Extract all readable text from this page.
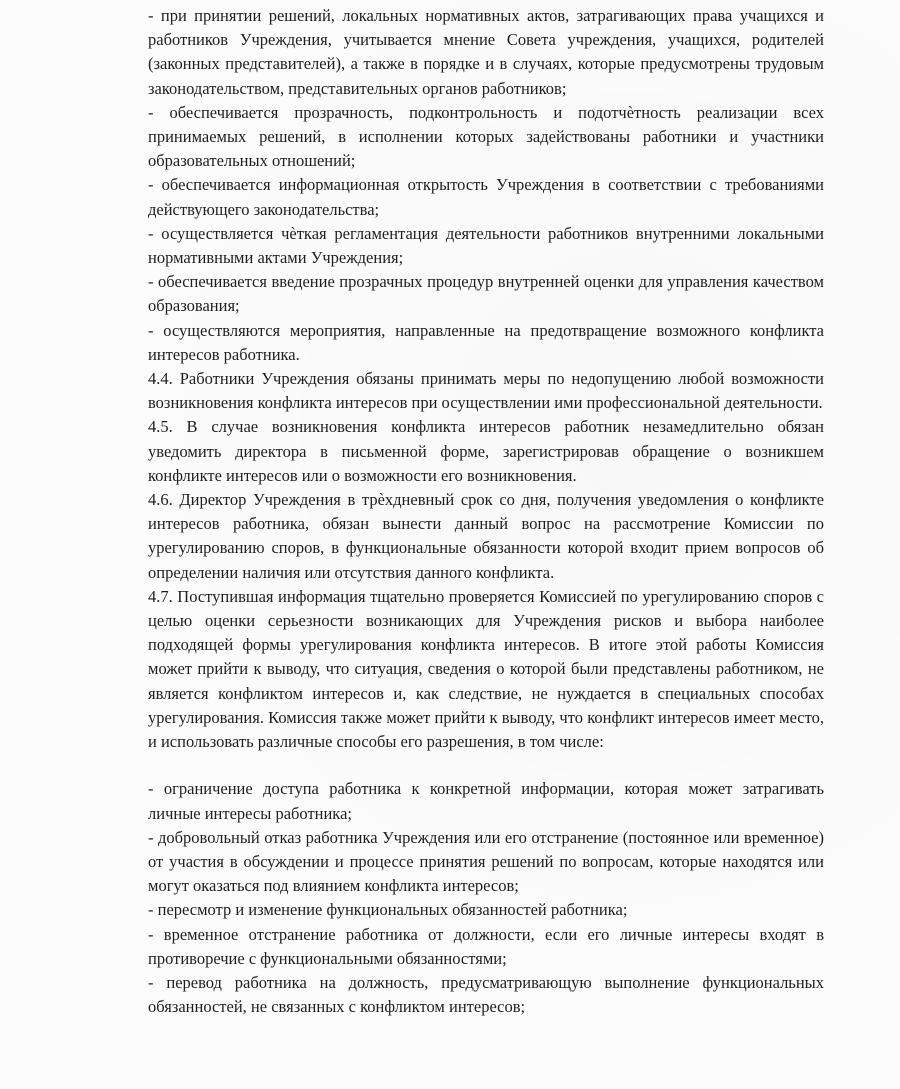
- при принятии решений, локальных нормативных актов, затрагивающих права учащихся и работников Учреждения, учитывается мнение Совета учреждения, учащихся, родителей (законных представителей), а также в порядке и в случаях, которые предусмотрены трудовым законодательством, представительных органов работников;

- обеспечивается прозрачность, подконтрольность и подотчѐтность реализации всех принимаемых решений, в исполнении которых задействованы работники и участники образовательных отношений;

- обеспечивается информационная открытость Учреждения в соответствии с требованиями действующего законодательства;

- осуществляется чѐткая регламентация деятельности работников внутренними локальными нормативными актами Учреждения;

- обеспечивается введение прозрачных процедур внутренней оценки для управления качеством образования;

- осуществляются мероприятия, направленные на предотвращение возможного конфликта интересов работника.

4.4. Работники Учреждения обязаны принимать меры по недопущению любой возможности возникновения конфликта интересов при осуществлении ими профессиональной деятельности.

4.5. В случае возникновения конфликта интересов работник незамедлительно обязан уведомить директора в письменной форме, зарегистрировав обращение о возникшем конфликте интересов или о возможности его возникновения.

4.6. Директор Учреждения в трѐхдневный срок со дня, получения уведомления о конфликте интересов работника, обязан вынести данный вопрос на рассмотрение Комиссии по урегулированию споров, в функциональные обязанности которой входит прием вопросов об определении наличия или отсутствия данного конфликта.

4.7. Поступившая информация тщательно проверяется Комиссией по урегулированию споров с целью оценки серьезности возникающих для Учреждения рисков и выбора наиболее подходящей формы урегулирования конфликта интересов. В итоге этой работы Комиссия может прийти к выводу, что ситуация, сведения о которой были представлены работником, не является конфликтом интересов и, как следствие, не нуждается в специальных способах урегулирования. Комиссия также может прийти к выводу, что конфликт интересов имеет место, и использовать различные способы его разрешения, в том числе:

- ограничение доступа работника к конкретной информации, которая может затрагивать личные интересы работника;

- добровольный отказ работника Учреждения или его отстранение (постоянное или временное) от участия в обсуждении и процессе принятия решений по вопросам, которые находятся или могут оказаться под влиянием конфликта интересов;

- пересмотр и изменение функциональных обязанностей работника;

- временное отстранение работника от должности, если его личные интересы входят в противоречие с функциональными обязанностями;

- перевод работника на должность, предусматривающую выполнение функциональных обязанностей, не связанных с конфликтом интересов;
